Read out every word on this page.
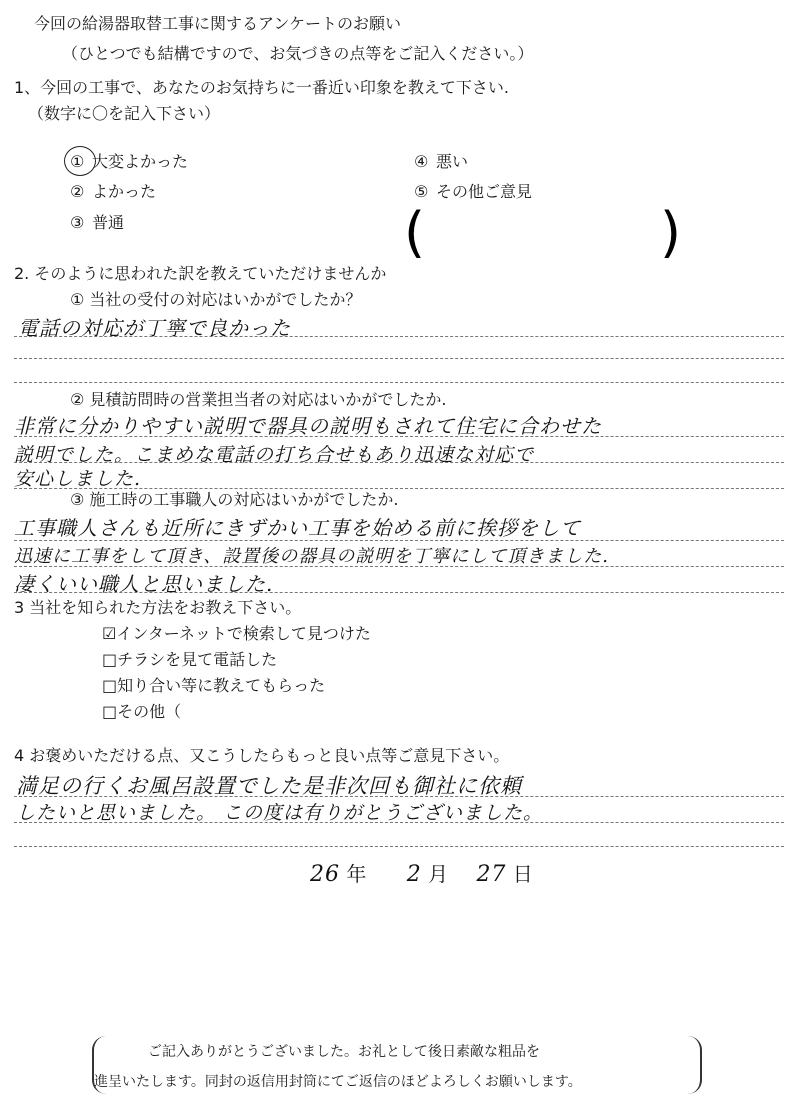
今回の給湯器取替工事に関するアンケートのお願い
（ひとつでも結構ですので、お気づきの点等をご記入ください。）
1、今回の工事で、あなたのお気持ちに一番近い印象を教えて下さい.
（数字に〇を記入下さい）
① 大変よかった
② よかった
③ 普通
④ 悪い
⑤ その他ご意見
(	)
2. そのように思われた訳を教えていただけませんか
① 当社の受付の対応はいかがでしたか？
電話の対応が丁寧で良かった
② 見積訪問時の営業担当者の対応はいかがでしたか.
非常に分かりやすい説明で器具の説明もされて住宅に合わせた
説明でした。こまめな電話の打ち合せもあり迅速な対応で
安心しました.
③ 施工時の工事職人の対応はいかがでしたか.
工事職人さんも近所にきずかい工事を始める前に挨拶をして
迅速に工事をして頂き、設置後の器具の説明を丁寧にして頂きました.
凄くいい職人と思いました.
3 当社を知られた方法をお教え下さい。
☑インターネットで検索して見つけた
□チラシを見て電話した
□知り合い等に教えてもらった
□その他（
4 お褒めいただける点、又こうしたらもっと良い点等ご意見下さい。
満足の行くお風呂設置でした是非次回も御社に依頼
したいと思いました。 この度は有りがとうございました。
26 年 2 月 27 日
ご記入ありがとうございました。お礼として後日素敵な粗品を
進呈いたします。同封の返信用封筒にてご返信のほどよろしくお願いします。
